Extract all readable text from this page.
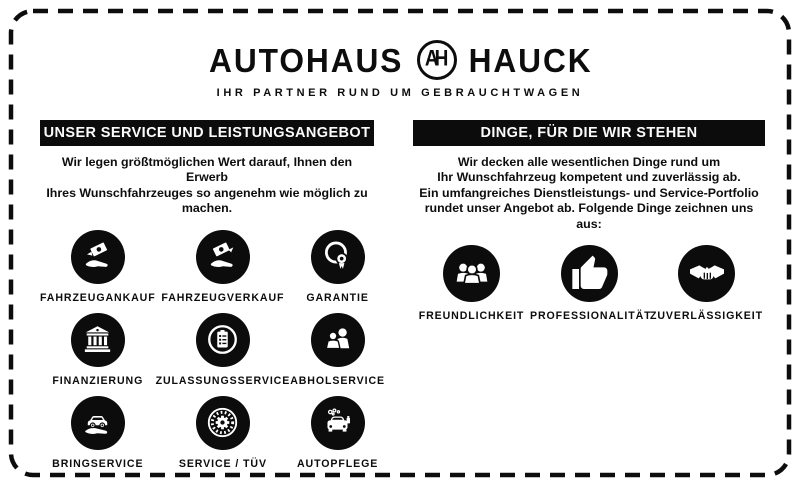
AUTOHAUS AH HAUCK
IHR PARTNER RUND UM GEBRAUCHTWAGEN
UNSER SERVICE UND LEISTUNGSANGEBOT

Wir legen größtmöglichen Wert darauf, Ihnen den Erwerb
Ihres Wunschfahrzeuges so angenehm wie möglich zu machen.

FAHRZEUGANKAUF FAHRZEUGVERKAUF	GARANTIE
FINANZIERUNG	ZULASSUNGSSERVICE ABHOLSERVICE
BRINGSERVICE	SERVICE / TÜV	AUTOPFLEGE
DINGE, FÜR DIE WIR STEHEN

Wir decken alle wesentlichen Dinge rund um
Ihr Wunschfahrzeug kompetent und zuverlässig ab.
Ein umfangreiches Dienstleistungs- und Service-Portfolio
rundet unser Angebot ab. Folgende Dinge zeichnen uns aus:

FREUNDLICHKEIT PROFESSIONALITÄT
ZUVERLÄSSIGKEIT
